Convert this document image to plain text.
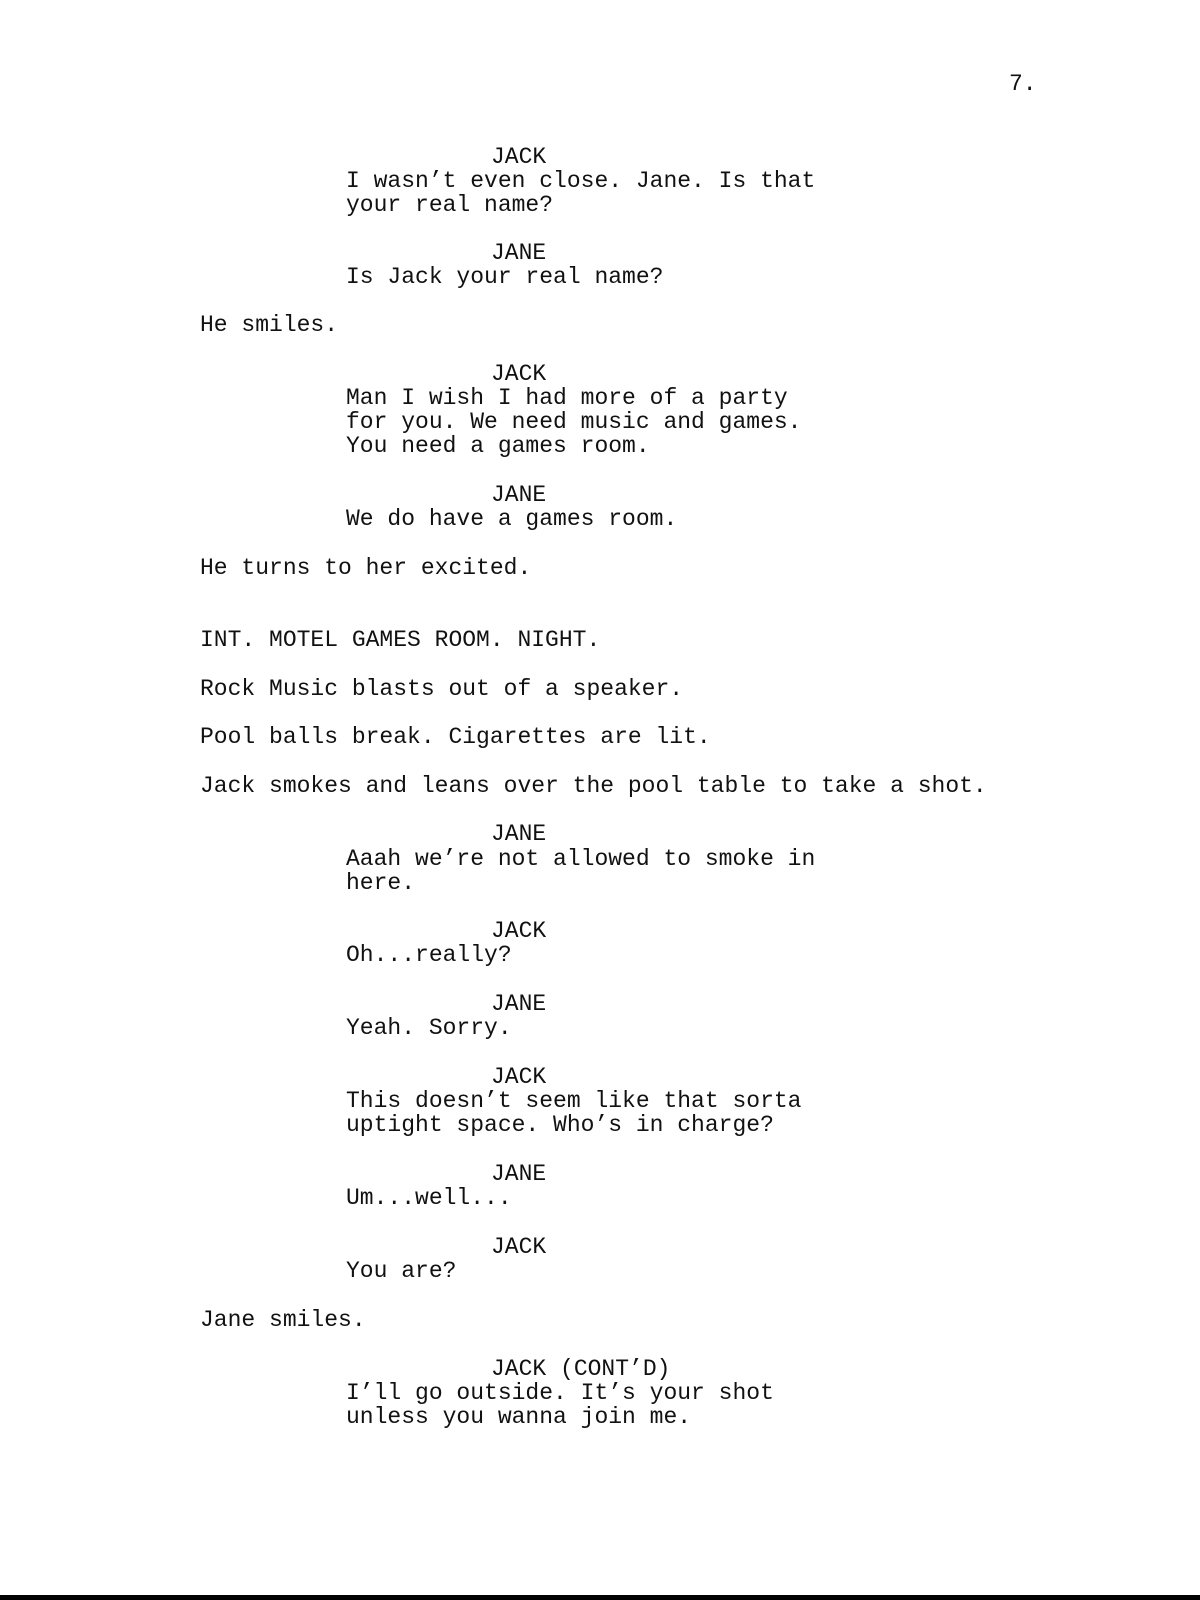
7.
JACK
I wasn’t even close. Jane. Is that
your real name?
JANE
Is Jack your real name?
He smiles.
JACK
Man I wish I had more of a party
for you. We need music and games.
You need a games room.
JANE
We do have a games room.
He turns to her excited.
INT. MOTEL GAMES ROOM. NIGHT.
Rock Music blasts out of a speaker.
Pool balls break. Cigarettes are lit.
Jack smokes and leans over the pool table to take a shot.
JANE
Aaah we’re not allowed to smoke in
here.
JACK
Oh...really?
JANE
Yeah. Sorry.
JACK
This doesn’t seem like that sorta
uptight space. Who’s in charge?
JANE
Um...well...
JACK
You are?
Jane smiles.
JACK (CONT’D)
I’ll go outside. It’s your shot
unless you wanna join me.
